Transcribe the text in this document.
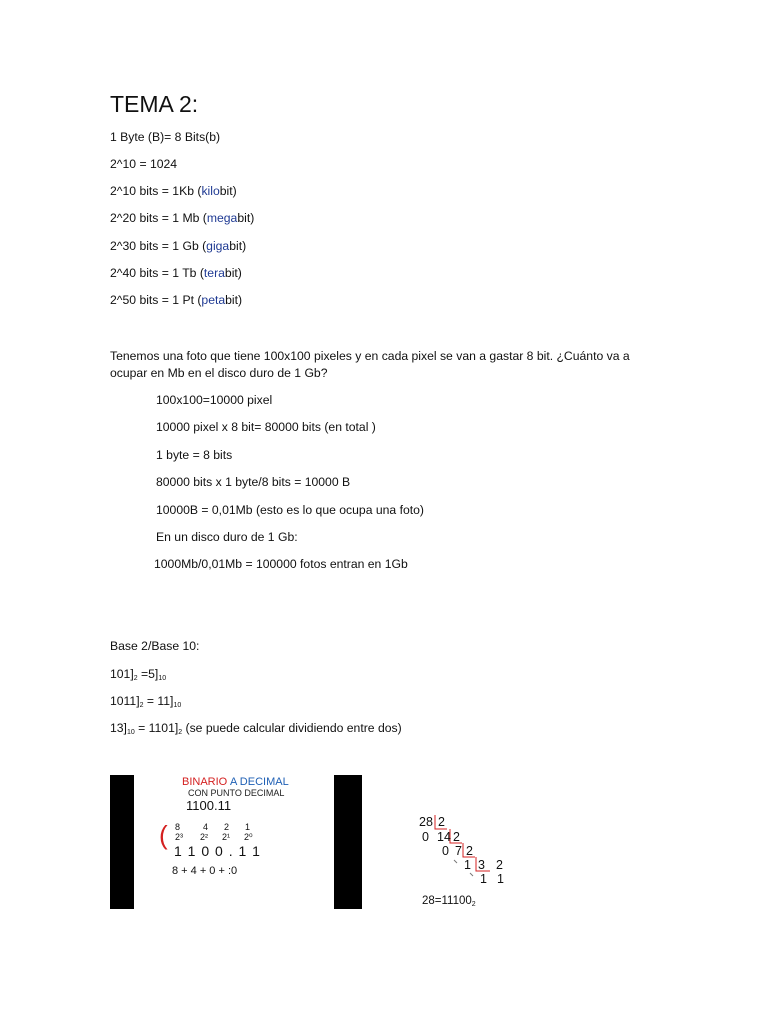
TEMA 2:
1 Byte (B)= 8 Bits(b)
2^10 = 1024
2^10 bits = 1Kb (kilobit)
2^20 bits = 1 Mb (megabit)
2^30 bits = 1 Gb (gigabit)
2^40 bits = 1 Tb (terabit)
2^50 bits = 1 Pt (petabit)
Tenemos una foto que tiene 100x100 pixeles y en cada pixel se van a gastar 8 bit. ¿Cuánto va a ocupar en Mb en el disco duro de 1 Gb?
100x100=10000 pixel
10000 pixel x 8 bit= 80000 bits (en total )
1 byte = 8 bits
80000 bits x 1 byte/8 bits = 10000 B
10000B = 0,01Mb (esto es lo que ocupa una foto)
En un disco duro de 1 Gb:
1000Mb/0,01Mb = 100000 fotos entran en 1Gb
Base 2/Base 10:
$101]_2 =5]_{10}$
$1011]_2 = 11]_{10}$
$13]_{10} = 1101]_2$ (se puede calcular dividiendo entre dos)
BINARIO A DECIMAL
CON PUNTO DECIMAL
1100.11
( 8	4 2 1
2³ 2² 2¹ 2⁰
1 1 0 0 . 1 1
8 + 4 + 0 + :0
28 2
0 14 2
0 7 2
1 3 2
1 1
$28=11100_2$
